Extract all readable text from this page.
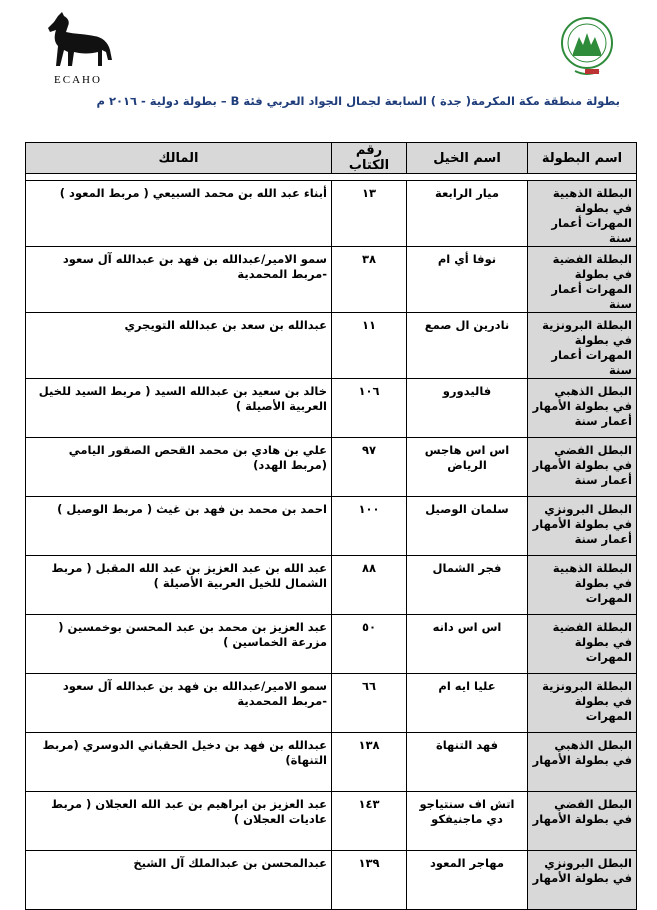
ECAHO
بطولة منطقة مكة المكرمة( جدة ) السابعة لجمال الجواد العربي فئة B – بطولة دولية - ٢٠١٦ م
اسم البطولة	اسم الخيل	رقم الكتاب	المالك

البطلة الذهبية في بطولة المهرات أعمار سنة	ميار الرابعة	١٣	أبناء عبد الله بن محمد السبيعي ( مربط المعود )
البطلة الفضية في بطولة المهرات أعمار سنة	نوفا أي ام	٣٨	سمو الامير/عبدالله بن فهد بن عبدالله آل سعود -مربط المحمدية
البطلة البرونزية في بطولة المهرات أعمار سنة	نادرين ال صمع	١١	عبدالله بن سعد بن عبدالله التويجري
البطل الذهبي في بطولة الأمهار أعمار سنة	فاليدورو	١٠٦	خالد بن سعيد بن عبدالله السيد ( مربط السيد للخيل العربية الأصيلة )
البطل الفضي في بطولة الأمهار أعمار سنة	اس اس هاجس الرياض	٩٧	علي بن هادي بن محمد القحص الصقور اليامي (مربط الهدد)
البطل البرونزي في بطولة الأمهار أعمار سنة	سلمان الوصيل	١٠٠	احمد بن محمد بن فهد بن غيث ( مربط الوصيل )
البطلة الذهبية في بطولة المهرات	فجر الشمال	٨٨	عبد الله بن عبد العزيز بن عبد الله المقبل ( مربط الشمال للخيل العربية الأصيلة )
البطلة الفضية في بطولة المهرات	اس اس دانه	٥٠	عبد العزيز بن محمد بن عبد المحسن بوخمسين ( مزرعة الخماسين )
البطلة البرونزية في بطولة المهرات	عليا ايه ام	٦٦	سمو الامير/عبدالله بن فهد بن عبدالله آل سعود -مربط المحمدية
البطل الذهبي في بطولة الأمهار	فهد التنهاة	١٣٨	عبدالله بن فهد بن دخيل الحقباني الدوسري (مربط التنهاة)
البطل الفضي في بطولة الأمهار	اتش اف سنتياجو دي ماجنيفكو	١٤٣	عبد العزيز بن ابراهيم بن عبد الله العجلان ( مربط عاديات العجلان )
البطل البرونزي في بطولة الأمهار	مهاجر المعود	١٣٩	عبدالمحسن بن عبدالملك آل الشيخ
